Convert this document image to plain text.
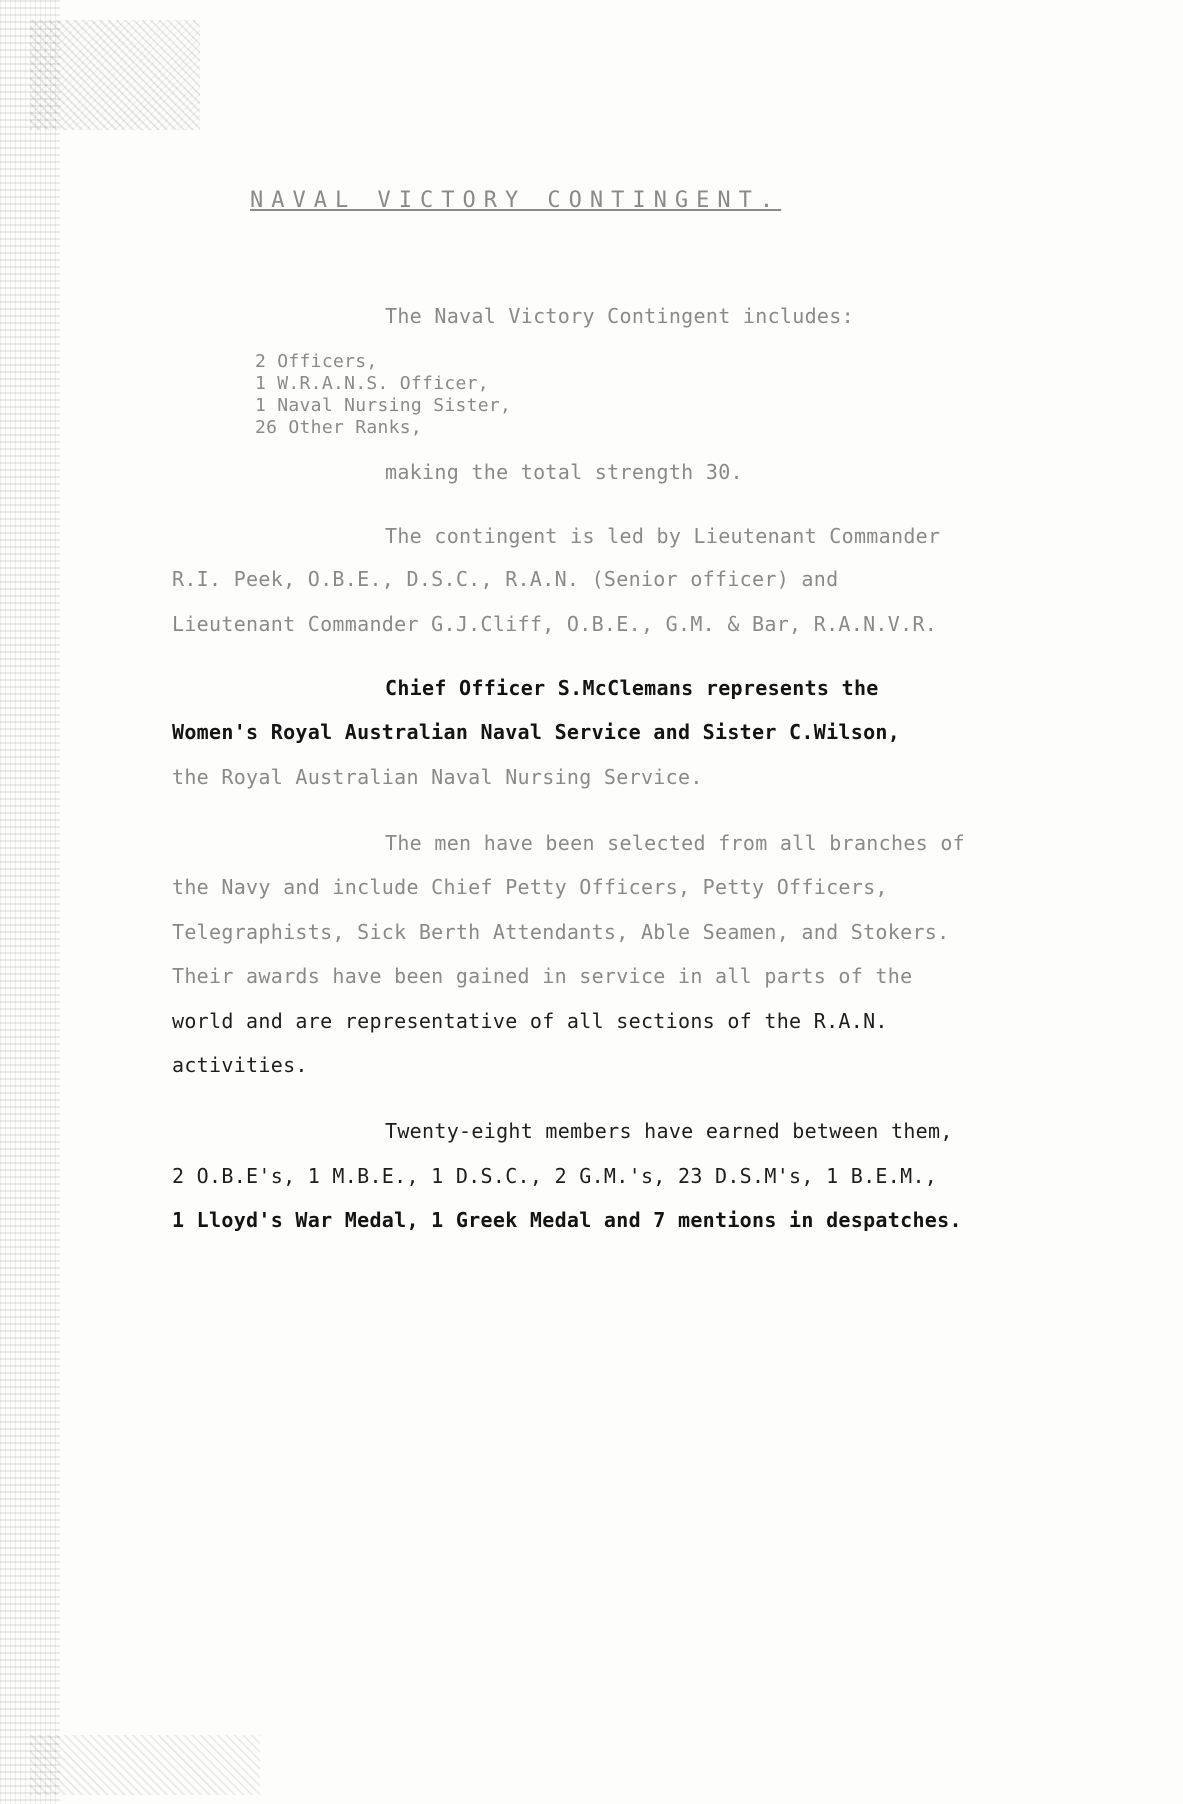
NAVAL VICTORY CONTINGENT.
The Naval Victory Contingent includes:
2 Officers,
1 W.R.A.N.S. Officer,
1 Naval Nursing Sister,
26 Other Ranks,
making the total strength 30.
The contingent is led by Lieutenant Commander
R.I. Peek, O.B.E., D.S.C., R.A.N. (Senior officer) and
Lieutenant Commander G.J.Cliff, O.B.E., G.M. & Bar, R.A.N.V.R.
Chief Officer S.McClemans represents the
Women's Royal Australian Naval Service and Sister C.Wilson,
the Royal Australian Naval Nursing Service.
The men have been selected from all branches of
the Navy and include Chief Petty Officers, Petty Officers,
Telegraphists, Sick Berth Attendants, Able Seamen, and Stokers.
Their awards have been gained in service in all parts of the
world and are representative of all sections of the R.A.N.
activities.
Twenty-eight members have earned between them,
2 O.B.E's, 1 M.B.E., 1 D.S.C., 2 G.M.'s, 23 D.S.M's, 1 B.E.M.,
1 Lloyd's War Medal, 1 Greek Medal and 7 mentions in despatches.
